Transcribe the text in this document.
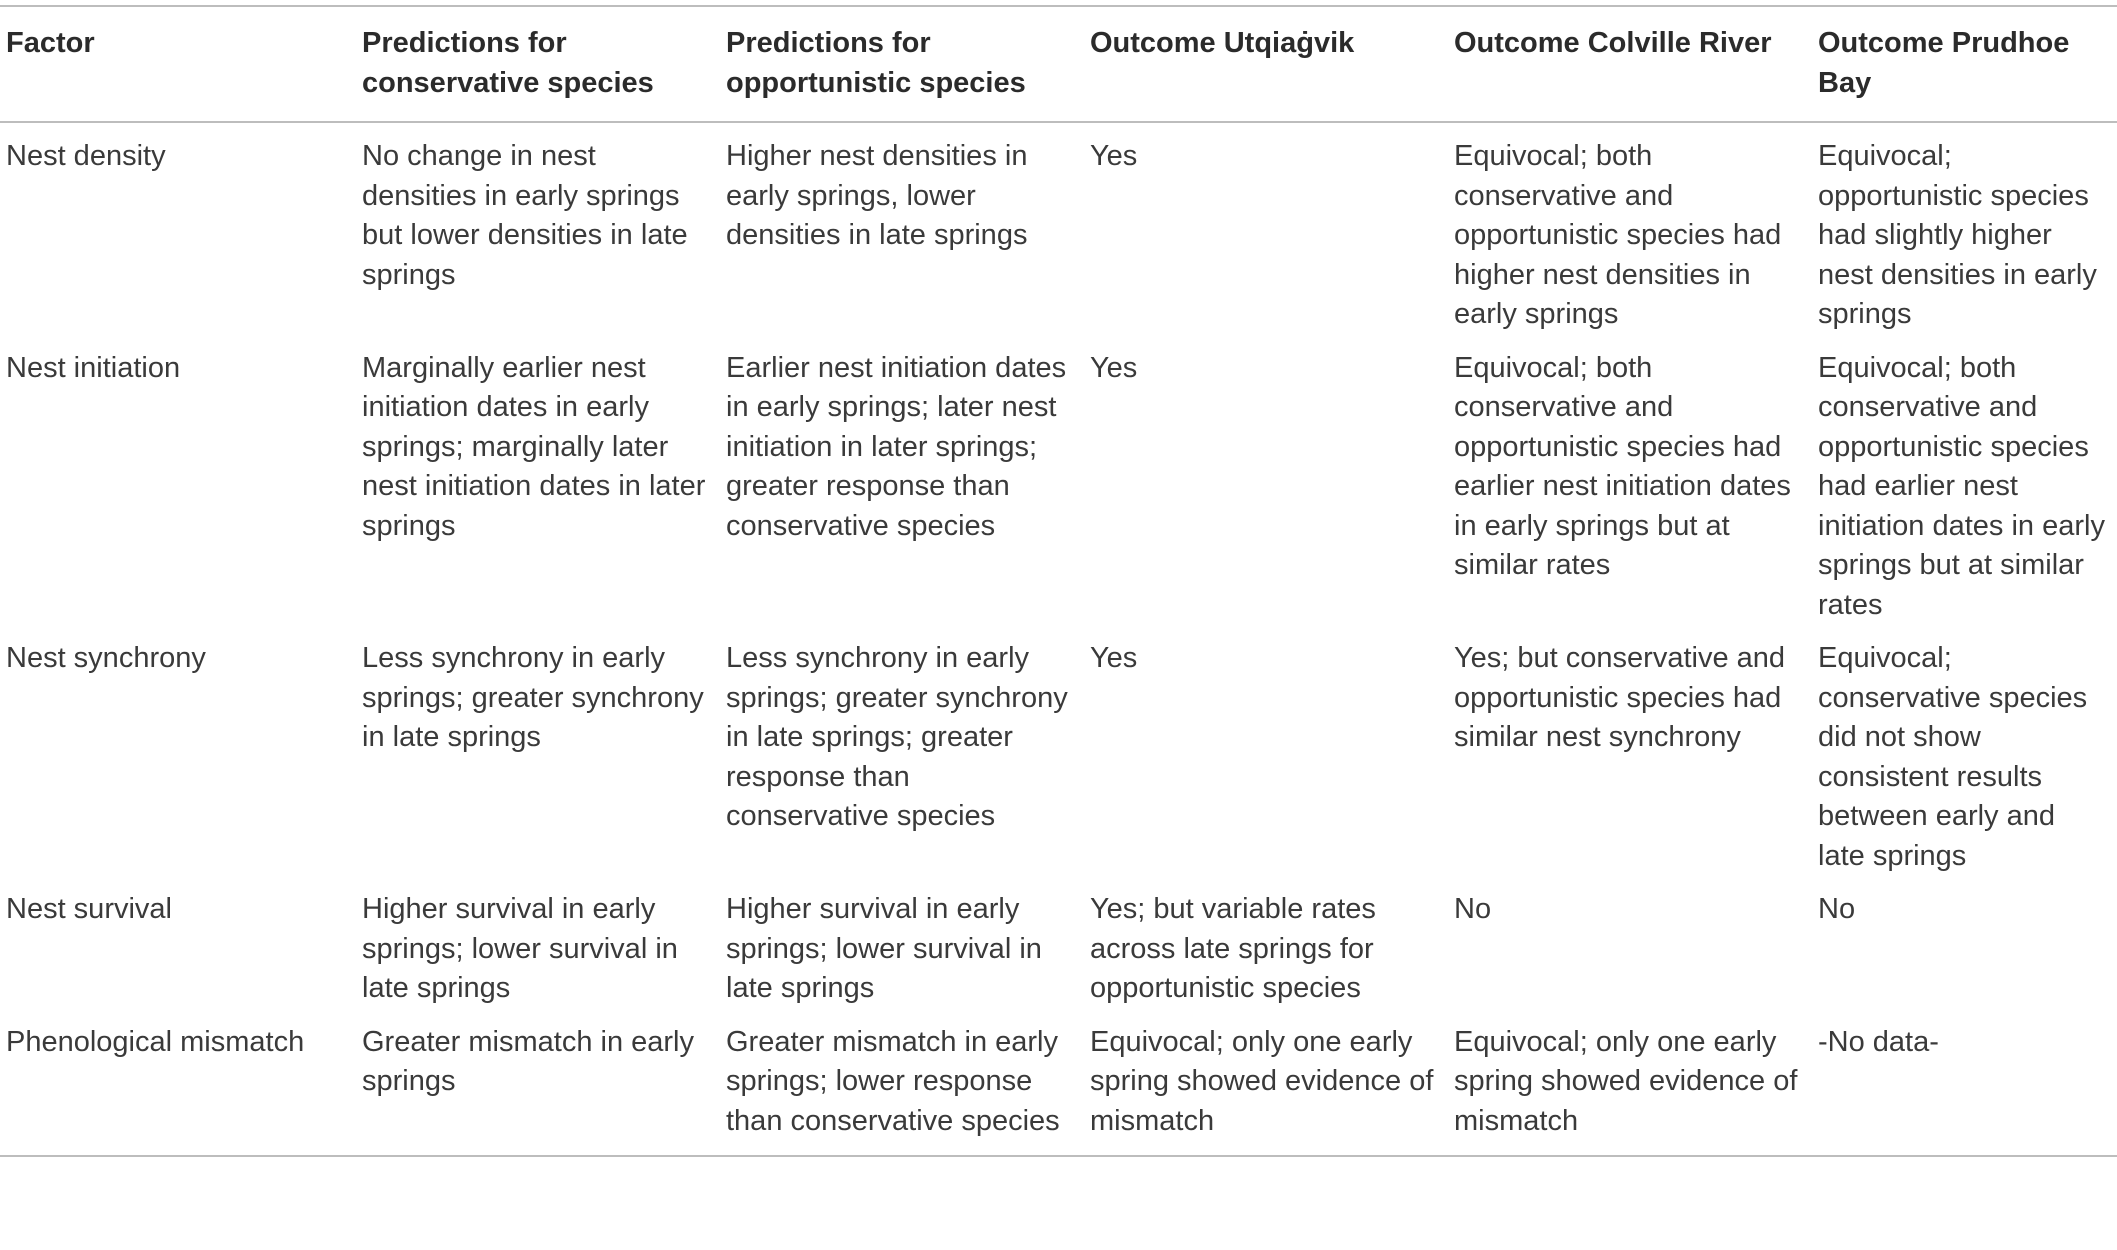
Factor	Predictions for conservative species	Predictions for opportunistic species	Outcome Utqiaġvik	Outcome Colville River	Outcome Prudhoe Bay
Nest density	No change in nest densities in early springs but lower densities in late springs	Higher nest densities in early springs, lower densities in late springs	Yes	Equivocal; both conservative and opportunistic species had higher nest densities in early springs	Equivocal; opportunistic species had slightly higher nest densities in early springs
Nest initiation	Marginally earlier nest initiation dates in early springs; marginally later nest initiation dates in later springs	Earlier nest initiation dates in early springs; later nest initiation in later springs; greater response than conservative species	Yes	Equivocal; both conservative and opportunistic species had earlier nest initiation dates in early springs but at similar rates	Equivocal; both conservative and opportunistic species had earlier nest initiation dates in early springs but at similar rates
Nest synchrony	Less synchrony in early springs; greater synchrony in late springs	Less synchrony in early springs; greater synchrony in late springs; greater response than conservative species	Yes	Yes; but conservative and opportunistic species had similar nest synchrony	Equivocal; conservative species did not show consistent results between early and late springs
Nest survival	Higher survival in early springs; lower survival in late springs	Higher survival in early springs; lower survival in late springs	Yes; but variable rates across late springs for opportunistic species	No	No
Phenological mismatch	Greater mismatch in early springs	Greater mismatch in early springs; lower response than conservative species	Equivocal; only one early spring showed evidence of mismatch	Equivocal; only one early spring showed evidence of mismatch	-No data-
